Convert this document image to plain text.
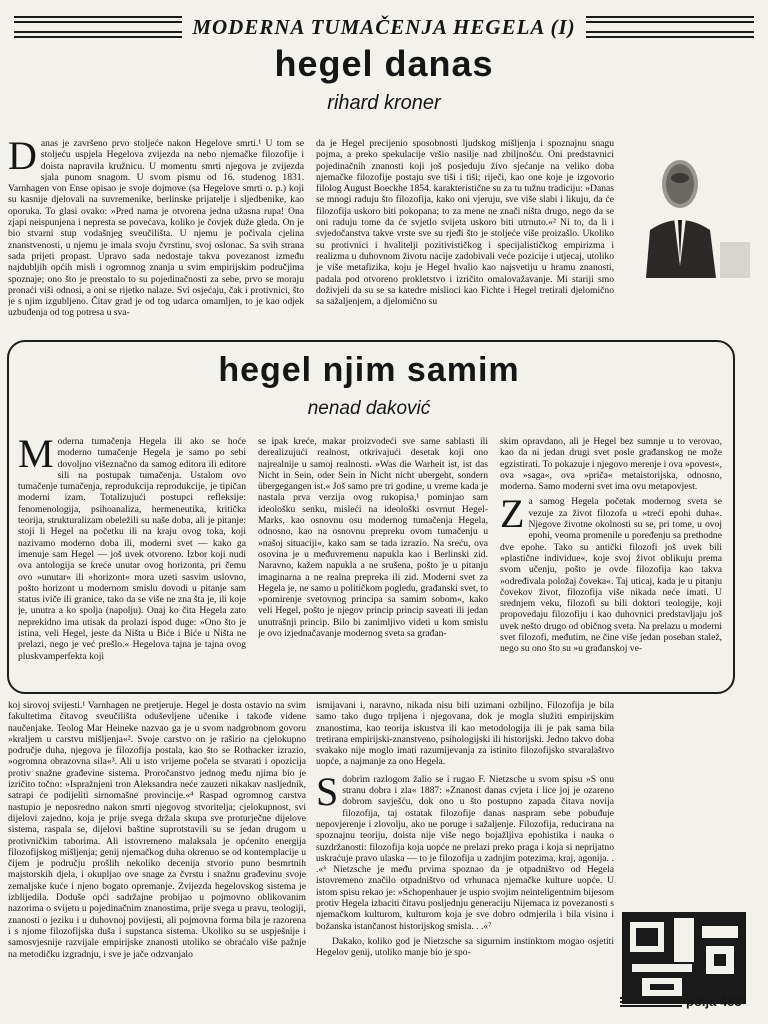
MODERNA TUMAČENJA HEGELA (I)
hegel danas
rihard kroner
D anas je završeno prvo stoljeće nakon Hegelove smrti.¹ U tom se stoljeću uspjela Hegelova zvijezda na nebo njemačke filozofije i doista napravila kružnicu. U momentu smrti njegova je zvijezda sjala punom snagom. U svom pismu od 16. studenog 1831. Varnhagen von Ense opisao je svoje dojmove (sa Hegelove smrti o. p.) koji su kasnije djelovali na suvremenike, berlinske prijatelje i sljedbenike, kao oporuka. To glasi ovako: »Pred nama je otvorena jedna užasna rupa! Ona zjapi neispunjena i nepresta se povećava, koliko je čovjek duže gleda. On je bio stvarni stup vodašnjeg sveučilišta. U njemu je počivala cjelina znanstvenosti, u njemu je imala svoju čvrstinu, svoj oslonac. Sa svih strana sada prijeti propast. Upravo sada nedostaje takva povezanost između najdubljih općih misli i ogromnog znanja u svim empirijskim područjima spoznaje; ono što je preostalo to su pojedinačnosti za sebe, prvo se moraju pronaći viši odnosi, a oni se rijetko nalaze. Svi osjećaju, čak i protivnici, što je s njim izgubljeno. Čitav grad je od tog udarca omamljen, to je kao odjek uzbuđenja od tog potresa u sva-
da je Hegel precijenio sposobnosti ljudskog mišljenja i spoznajnu snagu pojma, a preko spekulacije vršio nasilje nad zbiljnošću. Oni predstavnici pojedinačnih znanosti koji još posjeduju živo sjećanje na veliko doba njemačke filozofije postaju sve tiši i tiši; riječi, kao one koje je izgovorio filolog August Boeckhe 1854. karakteristične su za tu tužnu tradiciju: »Danas se mnogi raduju što filozofija, kako oni vjeruju, sve više slabi i likuju, da će filozofija uskoro biti pokopana; to za mene ne znači ništa drugo, nego da se oni raduju tome da će svjetlo svijeta uskoro biti utrnuto.«² Ni to, da li i svjedočanstva takve vrste sve su rjeđi što je stoljeće više proizašlo. Ukoliko su protivnici i hvalitelji pozitivističkog i specijalističkog empirizma i realizma u duhovnom životu nacije zadobivali veće pozicije i utjecaj, utoliko je više metafizika, koju je Hegel hvalio kao najsvetiju u hramu znanosti, padala pod otvoreno prokletstvo i izričito omalovažavanje. Mi stariji smo doživjeli da su se sa katedre mislioci kao Fichte i Hegel tretirali djelomično sa sažaljenjem, a djelomično su
hegel njim samim
nenad daković
M oderna tumačenja Hegela ili ako se hoće moderno tumačenje Hegela je samo po sebi dovoljno višeznačno da samog editora ili editore sili na postupak tumačenja. Ustalom ovo tumačenje tumačenja, reprodukcija reprodukcije, je tipičan moderni izam. Totalizujući postupci refleksije: fenomenologija, psihoanaliza, hermeneutika, kritička teorija, strukturalizam obeležili su naše doba, ali je pitanje: stoji li Hegel na početku ili na kraju ovog toka, koji nazivamo moderno doba ili, moderni svet — kako ga imenuje sam Hegel — još uvek otvoreno. Izbor koji nudi ova antologija se kreće unutar ovog horizonta, pri čemu ovo »unutar« ili »horizont« mora uzeti sasvim uslovno, pošto horizont u modernom smislu dovodi u pitanje sam status iviče ili granice, tako da se više ne zna šta je, ili koje je, unutra a ko spolja (napolju). Onaj ko čita Hegela zato neprekidno ima utisak da prolazi ispod duge: »Ono što je istina, veli Hegel, jeste da Ništa u Biće i Biće u Ništa ne prelazi, nego je već prešlo.« Hegelova tajna je tajna ovog pluskvamperfekta koji
se ipak kreće, makar proizvodeći sve same sablasti ili derealizujući realnost, otkrivajući desetak koji ono najrealnije u samoj realnosti. »Was die Warheit ist, ist das Nicht in Sein, oder Sein in Nicht nicht ubergeht, sondern übergegangen ist.« Još samo pre tri godine, u vreme kada je nastala prva verzija ovog rukopisa,¹ pominjao sam ideološku senku, misleći na ideološki osvrnut Hegel-Marks, kao osnovnu osu modernog tumačenja Hegela, odnosno, kao na osnovnu prepreku ovom tumačenju u »našoj situaciji«, kako sam se tada izrazio. Na sreću, ova osovina je u međuvremenu napukla kao i Berlinski zid. Naravno, kažem napukla a ne srušena, pošto je u pitanju imaginarna a ne realna prepreka ili zid. Moderni svet za Hegela je, ne samo u političkom pogledu, građanski svet, to »pomirenje svetovnog principa sa samim sobom«, kako veli Hegel, pošto je njegov princip princip saveati ili jedan unutrašnji princip. Bilo bi zanimljivo videti u kom smislu je ovo izjednačavanje modernog sveta sa građan-

skim opravdano, ali je Hegel bez sumnje u to verovao, kao da ni jedan drugi svet posle građanskog ne može egzistirati. To pokazuje i njegovo merenje i ova »povest«, ova »saga«, ova »priča« metaistorijska, odnosno, moderna. Samo moderni svet ima ovu metapovjest.

Z a samog Hegela početak modernog sveta se vezuje za život filozofa u »treći epohi duha«. Njegove životne okolnosti su se, pri tome, u ovoj epohi, veoma promenile u poređenju sa prethodne dve epohe. Tako su antički filozofi još uvek bili »plastične individue«, koje svoj život oblikuju prema svom učenju, pošto je ovde filozofija kao takva »određivala položaj čoveka«. Taj uticaj, kada je u pitanju čovekov život, filozofija više nikada neće imati. U srednjem veku, filozofi su bili doktori teologije, koji propovedaju filozofiju i kao duhovnici predstavljaju još uvek nešto drugo od običnog sveta. Na prelazu u moderni svet filozofi, međutim, ne čine više jedan poseban stalež, nego su ono što su »u građanskoj ve-
koj sirovoj svijesti.¹ Varnhagen ne pretjeruje. Hegel je dosta ostavio na svim fakultetima čitavog sveučilišta oduševljene učenike i takođe videne naučenjake. Teolog Mar Heineke nazvao ga je u svom nadgrobnom govoru »kraljem u carstvu mišljenja«². Svoje carstvo on je raširio na cjelokupno područje duha, njegova je filozofija postala, kao što se Rothacker izrazio, »ogromna obrazovna sila«³. Ali u isto vrijeme počela se stvarati i opozicija protiv snažne građevine sistema. Proročanstvo jednog među njima bio je izričito točno: »Ispražnjeni tron Aleksandra neće zauzeti nikakav nasljednik, satrapi će podijeliti sirnomašne provincije.«⁴ Raspad ogromnog carstva nastupio je neposredno nakon smrti njegovog stvoritelja; cjelokupnost, svi dijelovi zajedno, koja je prije svega držala skupa sve proturječne dijelove sistema, raspala se, dijelovi baštine suprotstavili su se jedan drugom u protivničkim taborima. Ali istovremeno malaksala je općenito energija filozofijskog mišljenja; genij njemačkog duha okrenuo se od kontemplacije u čijem je području prošlih nekoliko decenija stvorio puno besmrtnih majstorskih djela, i okupljao ove snage za čvrstu i snažnu građevinu svoje zemaljske kuće i njeno bogato opremanje. Zvijezda hegelovskog sistema je izblijedila. Dodušе opći sadržajne probijao u pojmovno oblikovanim nazorima o svijetu u pojedinačnim znanostima, prije svega u pravu, teologiji, znanosti o jeziku i u duhovnoj povijesti, ali pojmovna forma bila je razorena i s njome filozofijska duša i supstanca sistema. Ukoliko su se uspješnije i samosvjesnije razvijale empirijske znanosti utoliko se obraćalo više pažnje na metodičku izgradnju, i sve je jače odzvanjalo

ismijavani i, naravno, nikada nisu bili uzimani ozbiljno. Filozofija je bila samo tako dugo trpljena i njegovana, dok je mogla služiti empirijskim znanostima, kao teorija iskustva ili kao metodologija ili je pak sama bila tretirana empirijski-znanstveno, psihologijski ili historijski. Jedno takvo doba svakako nije moglo imati razumijevanja za istinito filozofijsko stvaralaštvo uopće, a najmanje za ono Hegela.

S dobrim razlogom žalio se i rugao F. Nietzsche u svom spisu »S onu stranu dobra i zla« 1887: »Znanost danas cvjeta i lice joj je ozareno dobrom savješću, dok ono u što postupno zapada čitava novija filozofija, taj ostatak filozofije danas naspram sebe pobuđuje nepovjerenje i zlovolju, ako ne poruge i sažaljenje. Filozofija, reducirana na spoznajnu teoriju, doista nije više nego bojažljiva epohistika i nauka o suzdržanosti: filozofija koja uopće ne prelazi preko praga i koja si neprijatno uskraćuje pravo ulaska — to je filozofija u zadnjim potezima, kraj, agonija. . .«⁶ Nietzsche je među prvima spoznao da je otpadništvo od Hegela istovremeno značilo otpadništvo od vrhunaca njemačke kulture uopće. U istom spisu rekao je: »Schopenhauer je uspio svojim neinteligentnim bijesom protiv Hegela izbaciti čitavu posljednju generaciju Nijemaca iz povezanosti s njemačkom kulturom, kulturom koja je sve dobro odmjerila i bila visina i božanska istančanost historijskog smisla. . .«⁷

Dakako, koliko god je Nietzsche sa sigurnim instinktom mogao osjetiti Hegelov genij, utoliko manje bio je spo-

polja 453
